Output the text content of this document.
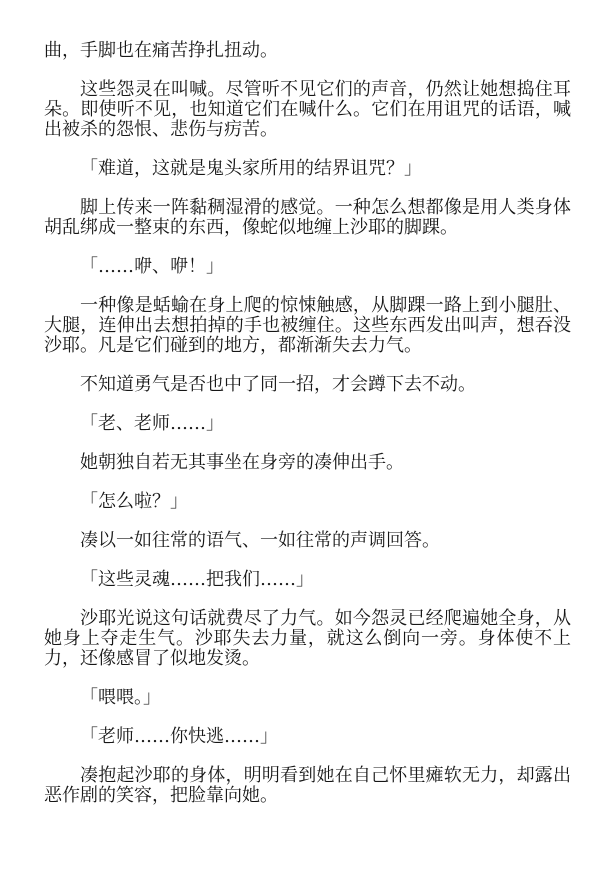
曲，手脚也在痛苦挣扎扭动。

这些怨灵在叫喊。尽管听不见它们的声音，仍然让她想捣住耳朵。即使听不见，也知道它们在喊什么。它们在用诅咒的话语，喊出被杀的怨恨、悲伤与疠苦。

「难道，这就是鬼头家所用的结界诅咒？」

脚上传来一阵黏稠湿滑的感觉。一种怎么想都像是用人类身体胡乱绑成一整束的东西，像蛇似地缠上沙耶的脚踝。

「……咿、咿！」

一种像是蛞蝓在身上爬的惊悚触感，从脚踝一路上到小腿肚、大腿，连伸出去想拍掉的手也被缠住。这些东西发出叫声，想吞没沙耶。凡是它们碰到的地方，都渐渐失去力气。

不知道勇气是否也中了同一招，才会蹲下去不动。

「老、老师……」

她朝独自若无其事坐在身旁的凑伸出手。

「怎么啦？」

凑以一如往常的语气、一如往常的声调回答。

「这些灵魂……把我们……」

沙耶光说这句话就费尽了力气。如今怨灵已经爬遍她全身，从她身上夺走生气。沙耶失去力量，就这么倒向一旁。身体使不上力，还像感冒了似地发烫。

「喂喂。」

「老师……你快逃……」

凑抱起沙耶的身体，明明看到她在自己怀里瘫软无力，却露出恶作剧的笑容，把脸靠向她。
